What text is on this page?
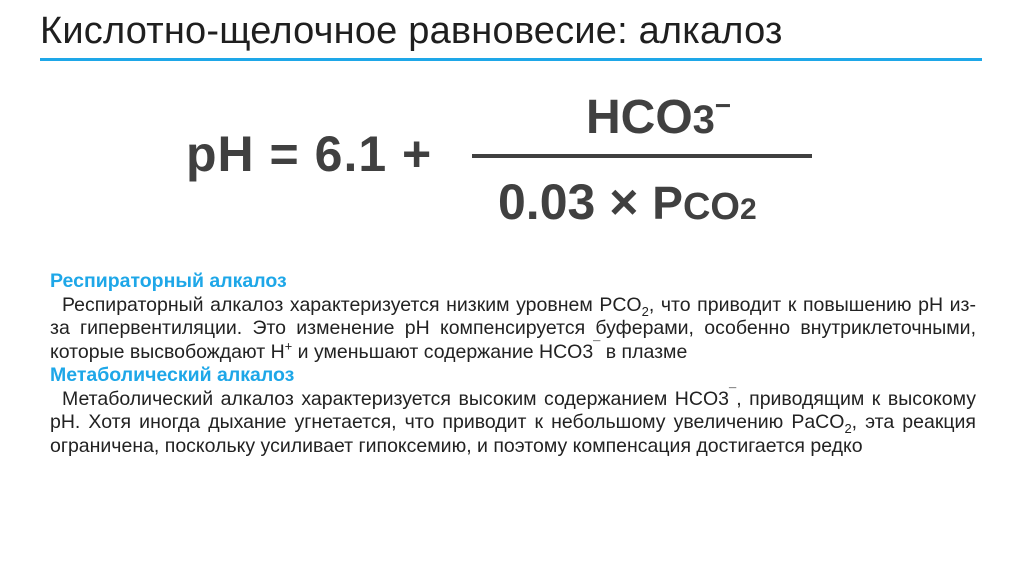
Кислотно-щелочное равновесие: алкалоз
pH = 6.1 +
HCO3−
0.03 × PCO2
Респираторный алкалоз
Респираторный алкалоз характеризуется низким уровнем $PCO_2$, что приводит к повышению pH из-за гипервентиляции. Это изменение pH компенсируется буферами, особенно внутриклеточными, которые высвобождают H+ и уменьшают содержание HCO3¯ в плазме
Метаболический алкалоз
Метаболический алкалоз характеризуется высоким содержанием HCO3¯, приводящим к высокому pH. Хотя иногда дыхание угнетается, что приводит к небольшому увеличению PaCO$_2$, эта реакция ограничена, поскольку усиливает гипоксемию, и поэтому компенсация достигается редко
